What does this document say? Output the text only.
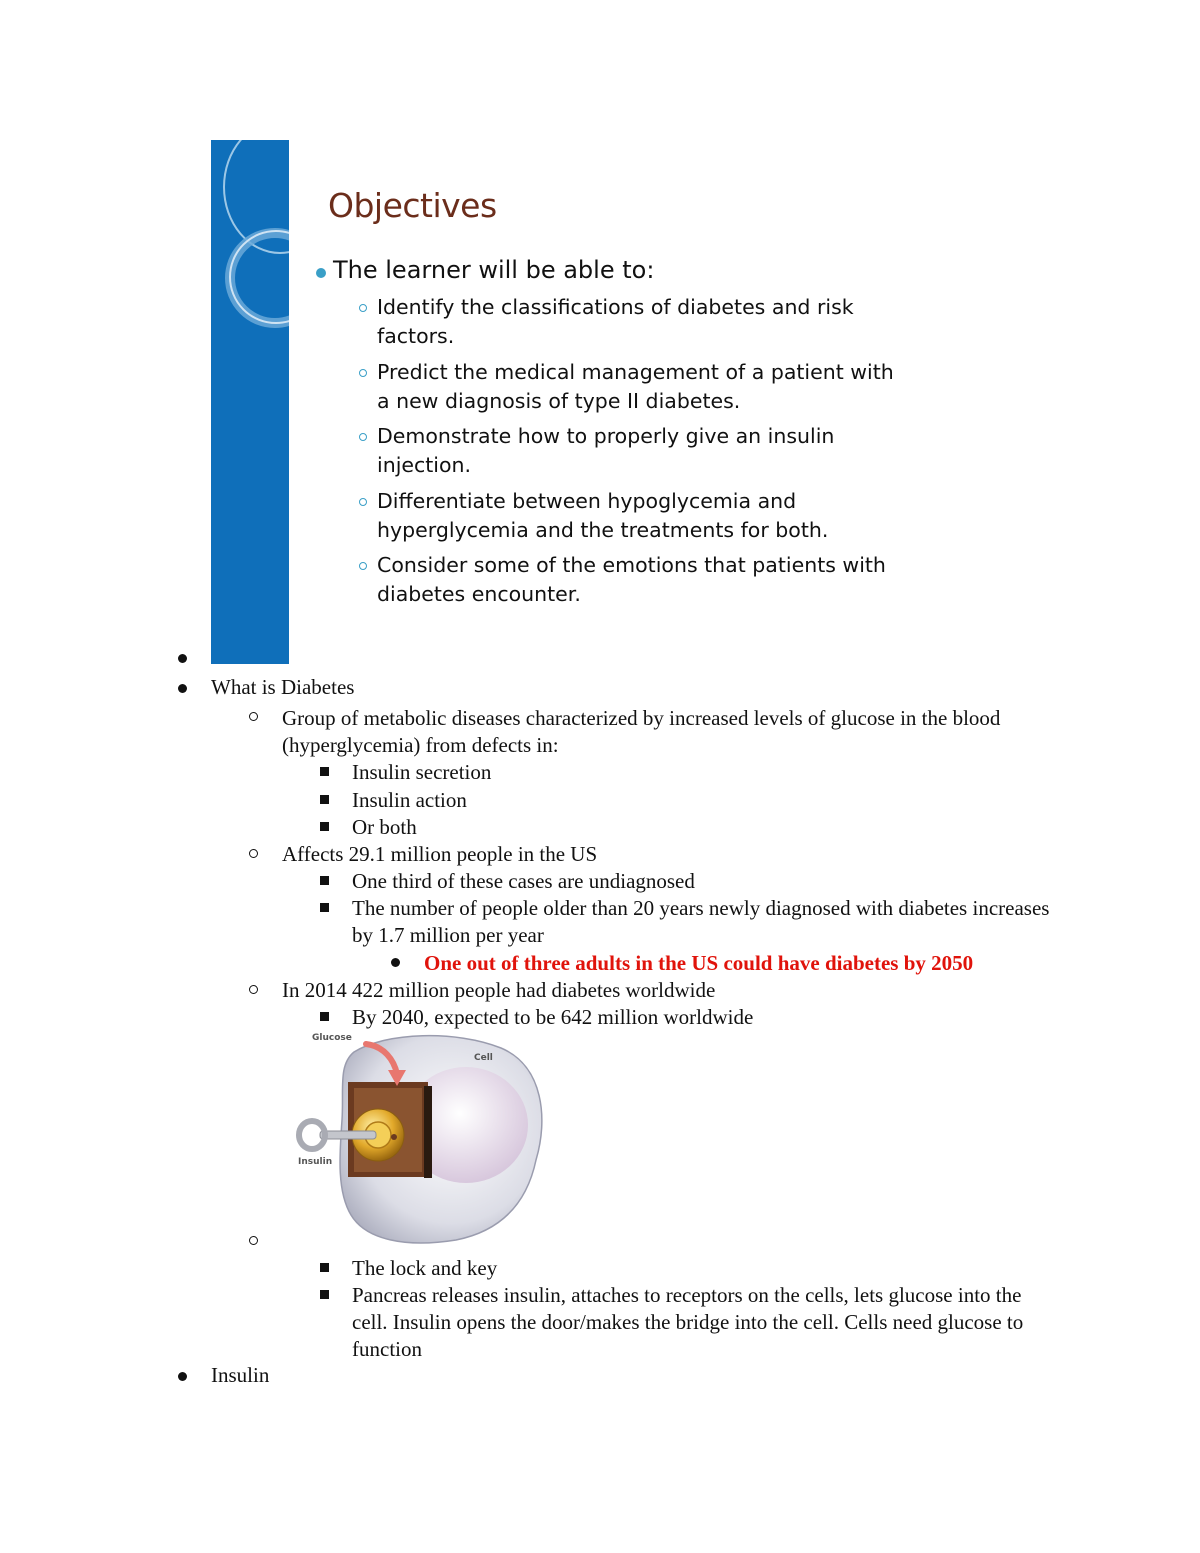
Objectives
The learner will be able to:
Identify the classifications of diabetes and risk factors.
Predict the medical management of a patient with a new diagnosis of type II diabetes.
Demonstrate how to properly give an insulin injection.
Differentiate between hypoglycemia and hyperglycemia and the treatments for both.
Consider some of the emotions that patients with diabetes encounter.
What is Diabetes
Group of metabolic diseases characterized by increased levels of glucose in the blood (hyperglycemia) from defects in:
Insulin secretion
Insulin action
Or both
Affects 29.1 million people in the US
One third of these cases are undiagnosed
The number of people older than 20 years newly diagnosed with diabetes increases by 1.7 million per year
One out of three adults in the US could have diabetes by 2050
In 2014 422 million people had diabetes worldwide
By 2040, expected to be 642 million worldwide
Glucose
Cell
Insulin
The lock and key
Pancreas releases insulin, attaches to receptors on the cells, lets glucose into the cell. Insulin opens the door/makes the bridge into the cell. Cells need glucose to function
Insulin
